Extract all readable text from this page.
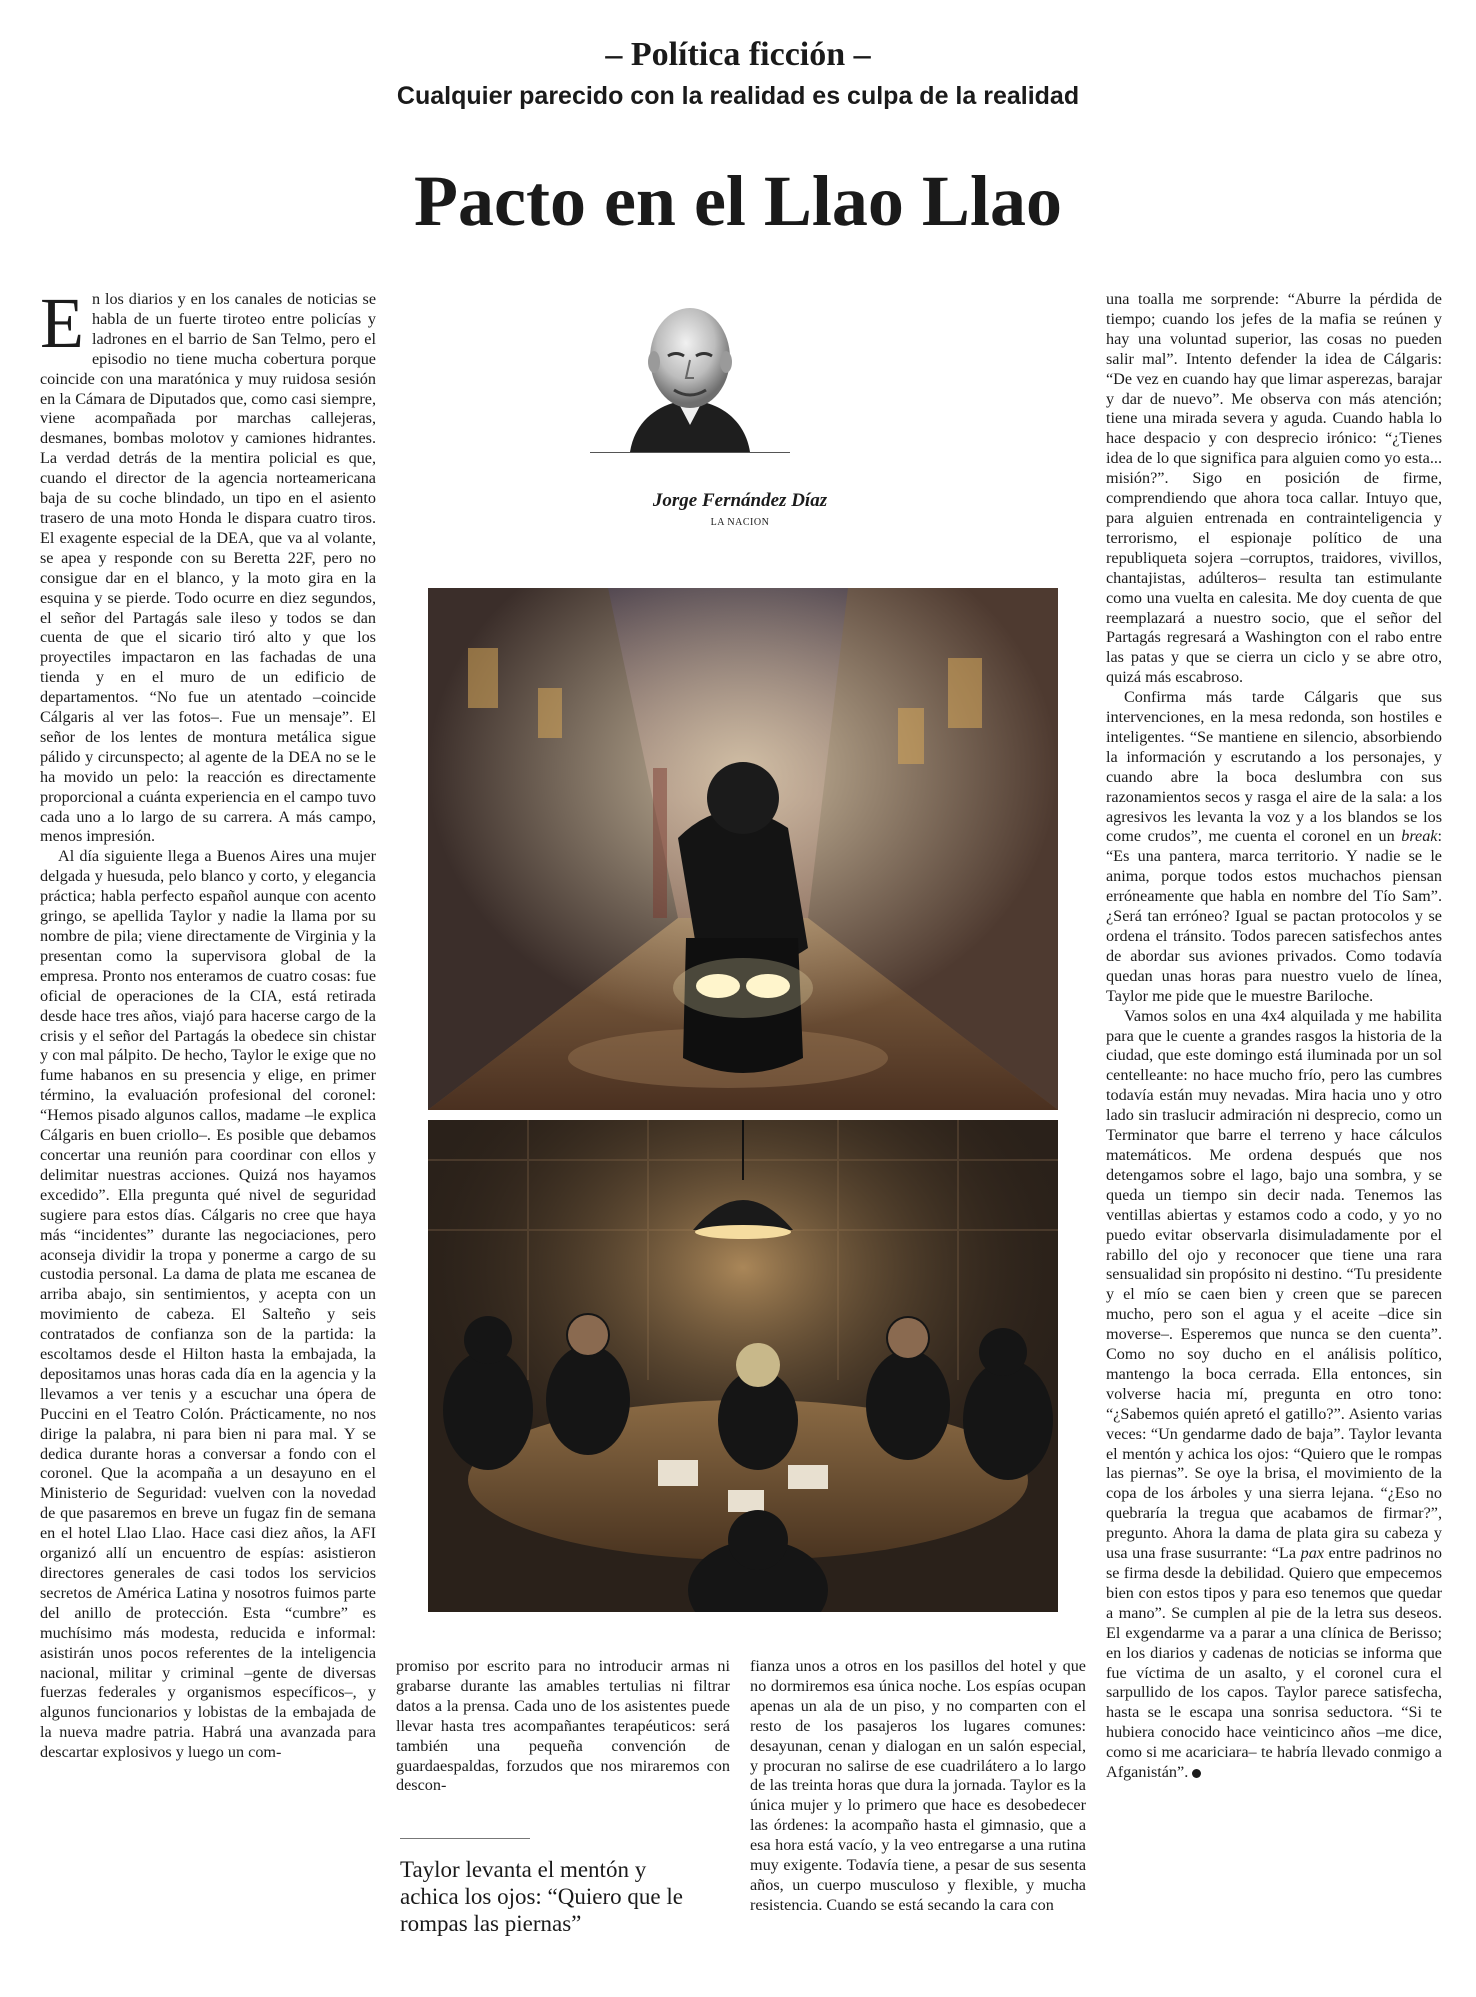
– Política ficción –
Cualquier parecido con la realidad es culpa de la realidad
Pacto en el Llao Llao

En los diarios y en los canales de noticias se habla de un fuerte tiroteo entre policías y ladrones en el barrio de San Telmo, pero el episodio no tiene mucha cobertura porque coincide con una maratónica y muy ruidosa sesión en la Cámara de Diputados que, como casi siempre, viene acompañada por marchas callejeras, desmanes, bombas molotov y camiones hidrantes. La verdad detrás de la mentira policial es que, cuando el director de la agencia norteamericana baja de su coche blindado, un tipo en el asiento trasero de una moto Honda le dispara cuatro tiros. El exagente especial de la DEA, que va al volante, se apea y responde con su Beretta 22F, pero no consigue dar en el blanco, y la moto gira en la esquina y se pierde. Todo ocurre en diez segundos, el señor del Partagás sale ileso y todos se dan cuenta de que el sicario tiró alto y que los proyectiles impactaron en las fachadas de una tienda y en el muro de un edificio de departamentos. “No fue un atentado –coincide Cálgaris al ver las fotos–. Fue un mensaje”. El señor de los lentes de montura metálica sigue pálido y circunspecto; al agente de la DEA no se le ha movido un pelo: la reacción es directamente proporcional a cuánta experiencia en el campo tuvo cada uno a lo largo de su carrera. A más campo, menos impresión.

Al día siguiente llega a Buenos Aires una mujer delgada y huesuda, pelo blanco y corto, y elegancia práctica; habla perfecto español aunque con acento gringo, se apellida Taylor y nadie la llama por su nombre de pila; viene directamente de Virginia y la presentan como la supervisora global de la empresa. Pronto nos enteramos de cuatro cosas: fue oficial de operaciones de la CIA, está retirada desde hace tres años, viajó para hacerse cargo de la crisis y el señor del Partagás la obedece sin chistar y con mal pálpito. De hecho, Taylor le exige que no fume habanos en su presencia y elige, en primer término, la evaluación profesional del coronel: “Hemos pisado algunos callos, madame –le explica Cálgaris en buen criollo–. Es posible que debamos concertar una reunión para coordinar con ellos y delimitar nuestras acciones. Quizá nos hayamos excedido”. Ella pregunta qué nivel de seguridad sugiere para estos días. Cálgaris no cree que haya más “incidentes” durante las negociaciones, pero aconseja dividir la tropa y ponerme a cargo de su custodia personal. La dama de plata me escanea de arriba abajo, sin sentimientos, y acepta con un movimiento de cabeza. El Salteño y seis contratados de confianza son de la partida: la escoltamos desde el Hilton hasta la embajada, la depositamos unas horas cada día en la agencia y la llevamos a ver tenis y a escuchar una ópera de Puccini en el Teatro Colón. Prácticamente, no nos dirige la palabra, ni para bien ni para mal. Y se dedica durante horas a conversar a fondo con el coronel. Que la acompaña a un desayuno en el Ministerio de Seguridad: vuelven con la novedad de que pasaremos en breve un fugaz fin de semana en el hotel Llao Llao. Hace casi diez años, la AFI organizó allí un encuentro de espías: asistieron directores generales de casi todos los servicios secretos de América Latina y nosotros fuimos parte del anillo de protección. Esta “cumbre” es muchísimo más modesta, reducida e informal: asistirán unos pocos referentes de la inteligencia nacional, militar y criminal –gente de diversas fuerzas federales y organismos específicos–, y algunos funcionarios y lobistas de la embajada de la nueva madre patria. Habrá una avanzada para descartar explosivos y luego un com-

Jorge Fernández Díaz
LA NACION

promiso por escrito para no introducir armas ni grabarse durante las amables tertulias ni filtrar datos a la prensa. Cada uno de los asistentes puede llevar hasta tres acompañantes terapéuticos: será también una pequeña convención de guardaespaldas, forzudos que nos miraremos con descon-

fianza unos a otros en los pasillos del hotel y que no dormiremos esa única noche. Los espías ocupan apenas un ala de un piso, y no comparten con el resto de los pasajeros los lugares comunes: desayunan, cenan y dialogan en un salón especial, y procuran no salirse de ese cuadrilátero a lo largo de las treinta horas que dura la jornada. Taylor es la única mujer y lo primero que hace es desobedecer las órdenes: la acompaño hasta el gimnasio, que a esa hora está vacío, y la veo entregarse a una rutina muy exigente. Todavía tiene, a pesar de sus sesenta años, un cuerpo musculoso y flexible, y mucha resistencia. Cuando se está secando la cara con

Taylor levanta el mentón y achica los ojos: “Quiero que le rompas las piernas”

una toalla me sorprende: “Aburre la pérdida de tiempo; cuando los jefes de la mafia se reúnen y hay una voluntad superior, las cosas no pueden salir mal”. Intento defender la idea de Cálgaris: “De vez en cuando hay que limar asperezas, barajar y dar de nuevo”. Me observa con más atención; tiene una mirada severa y aguda. Cuando habla lo hace despacio y con desprecio irónico: “¿Tienes idea de lo que significa para alguien como yo esta... misión?”. Sigo en posición de firme, comprendiendo que ahora toca callar. Intuyo que, para alguien entrenada en contrainteligencia y terrorismo, el espionaje político de una republiqueta sojera –corruptos, traidores, vivillos, chantajistas, adúlteros– resulta tan estimulante como una vuelta en calesita. Me doy cuenta de que reemplazará a nuestro socio, que el señor del Partagás regresará a Washington con el rabo entre las patas y que se cierra un ciclo y se abre otro, quizá más escabroso.

Confirma más tarde Cálgaris que sus intervenciones, en la mesa redonda, son hostiles e inteligentes. “Se mantiene en silencio, absorbiendo la información y escrutando a los personajes, y cuando abre la boca deslumbra con sus razonamientos secos y rasga el aire de la sala: a los agresivos les levanta la voz y a los blandos se los come crudos”, me cuenta el coronel en un break: “Es una pantera, marca territorio. Y nadie se le anima, porque todos estos muchachos piensan erróneamente que habla en nombre del Tío Sam”. ¿Será tan erróneo? Igual se pactan protocolos y se ordena el tránsito. Todos parecen satisfechos antes de abordar sus aviones privados. Como todavía quedan unas horas para nuestro vuelo de línea, Taylor me pide que le muestre Bariloche.

Vamos solos en una 4x4 alquilada y me habilita para que le cuente a grandes rasgos la historia de la ciudad, que este domingo está iluminada por un sol centelleante: no hace mucho frío, pero las cumbres todavía están muy nevadas. Mira hacia uno y otro lado sin traslucir admiración ni desprecio, como un Terminator que barre el terreno y hace cálculos matemáticos. Me ordena después que nos detengamos sobre el lago, bajo una sombra, y se queda un tiempo sin decir nada. Tenemos las ventillas abiertas y estamos codo a codo, y yo no puedo evitar observarla disimuladamente por el rabillo del ojo y reconocer que tiene una rara sensualidad sin propósito ni destino. “Tu presidente y el mío se caen bien y creen que se parecen mucho, pero son el agua y el aceite –dice sin moverse–. Esperemos que nunca se den cuenta”. Como no soy ducho en el análisis político, mantengo la boca cerrada. Ella entonces, sin volverse hacia mí, pregunta en otro tono: “¿Sabemos quién apretó el gatillo?”. Asiento varias veces: “Un gendarme dado de baja”. Taylor levanta el mentón y achica los ojos: “Quiero que le rompas las piernas”. Se oye la brisa, el movimiento de la copa de los árboles y una sierra lejana. “¿Eso no quebraría la tregua que acabamos de firmar?”, pregunto. Ahora la dama de plata gira su cabeza y usa una frase susurrante: “La pax entre padrinos no se firma desde la debilidad. Quiero que empecemos bien con estos tipos y para eso tenemos que quedar a mano”. Se cumplen al pie de la letra sus deseos. El exgendarme va a parar a una clínica de Berisso; en los diarios y cadenas de noticias se informa que fue víctima de un asalto, y el coronel cura el sarpullido de los capos. Taylor parece satisfecha, hasta se le escapa una sonrisa seductora. “Si te hubiera conocido hace veinticinco años –me dice, como si me acariciara– te habría llevado conmigo a Afganistán”.
